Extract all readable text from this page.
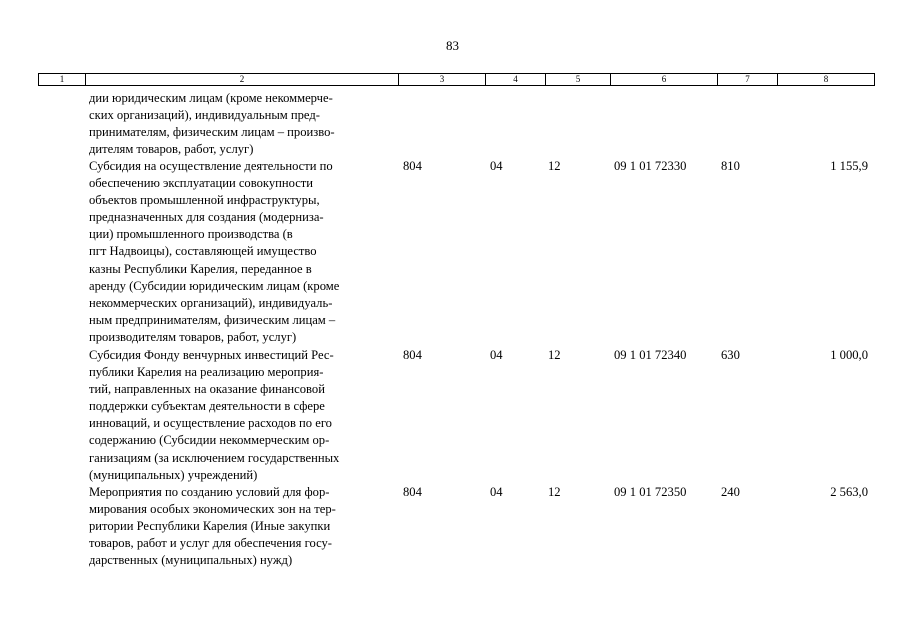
83
1	2	3	4	5	6	7	8
дии юридическим лицам (кроме некоммерче-
ских организаций), индивидуальным пред-
принимателям, физическим лицам – произво-
дителям товаров, работ, услуг)
Субсидия на осуществление деятельности по
обеспечению эксплуатации совокупности
объектов промышленной инфраструктуры,
предназначенных для создания (модерниза-
ции) промышленного производства (в
пгт Надвоицы), составляющей имущество
казны Республики Карелия, переданное в
аренду (Субсидии юридическим лицам (кроме
некоммерческих организаций), индивидуаль-
ным предпринимателям, физическим лицам –
производителям товаров, работ, услуг)
804	04	12	09 1 01 72330	810	1 155,9
Субсидия Фонду венчурных инвестиций Рес-
публики Карелия на реализацию мероприя-
тий, направленных на оказание финансовой
поддержки субъектам деятельности в сфере
инноваций, и осуществление расходов по его
содержанию (Субсидии некоммерческим ор-
ганизациям (за исключением государственных
(муниципальных) учреждений)
804	04	12	09 1 01 72340	630	1 000,0
Мероприятия по созданию условий для фор-
мирования особых экономических зон на тер-
ритории Республики Карелия (Иные закупки
товаров, работ и услуг для обеспечения госу-
дарственных (муниципальных) нужд)
804	04	12	09 1 01 72350	240	2 563,0
